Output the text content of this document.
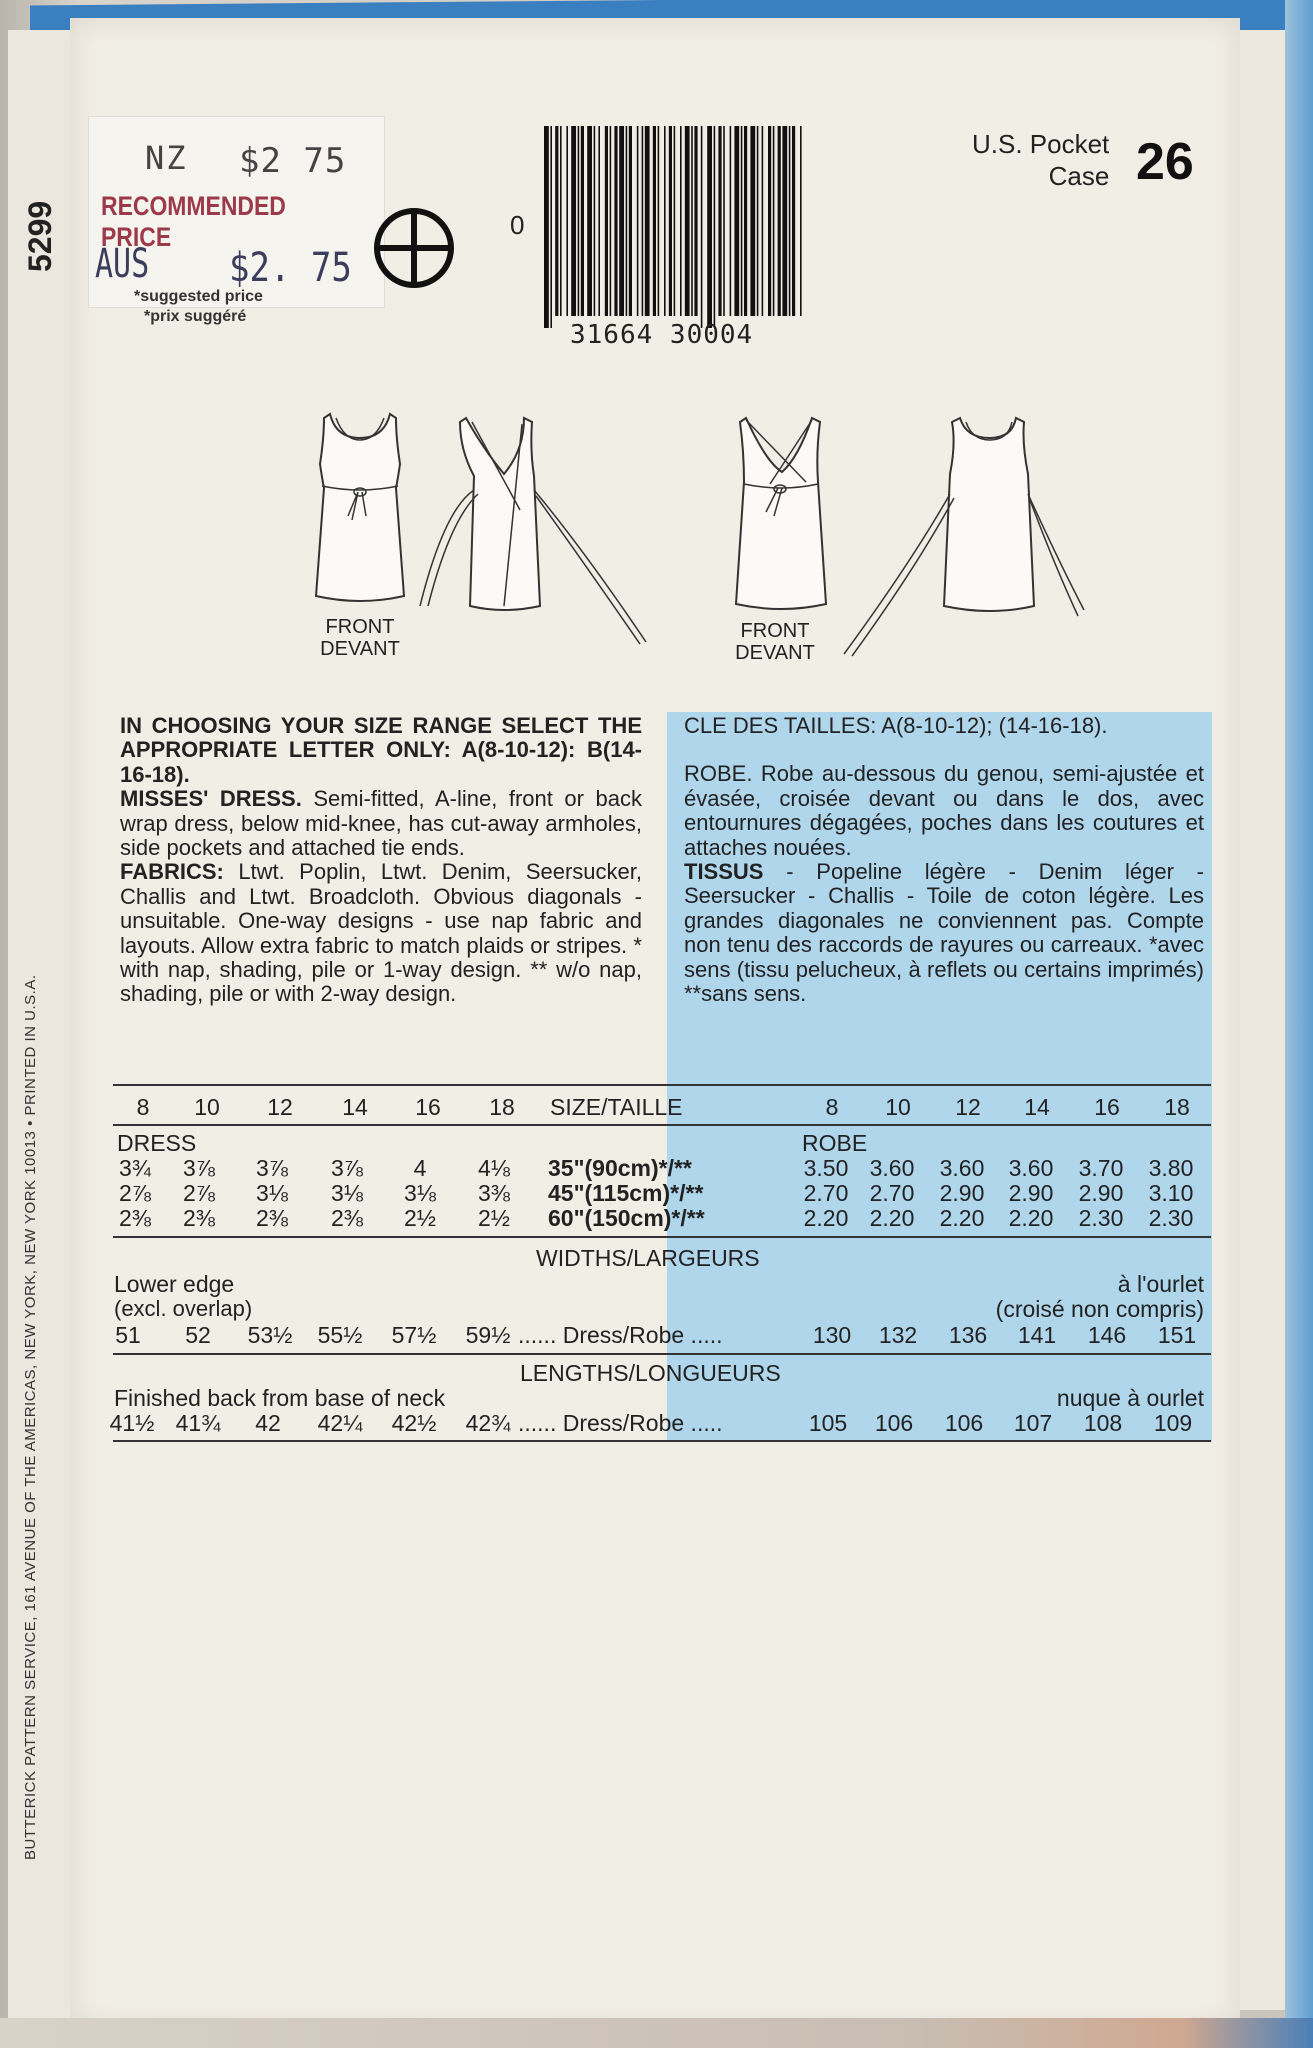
5299
BUTTERICK PATTERN SERVICE, 161 AVENUE OF THE AMERICAS, NEW YORK, NEW YORK 10013 • PRINTED IN U.S.A.
NZ $2 75
RECOMMENDED PRICE
AUS $2. 75
*suggested price
*prix suggéré
0
31664 30004
U.S. Pocket
Case 26
FRONT
DEVANT
FRONT
DEVANT

IN CHOOSING YOUR SIZE RANGE SELECT THE APPROPRIATE LETTER ONLY: A(8-10-12): B(14-16-18).

MISSES' DRESS. Semi-fitted, A-line, front or back wrap dress, below mid-knee, has cut-away armholes, side pockets and attached tie ends.

FABRICS: Ltwt. Poplin, Ltwt. Denim, Seersucker, Challis and Ltwt. Broadcloth. Obvious diagonals - unsuitable. One-way designs - use nap fabric and layouts. Allow extra fabric to match plaids or stripes. * with nap, shading, pile or 1-way design. ** w/o nap, shading, pile or with 2-way design.

CLE DES TAILLES: A(8-10-12); (14-16-18).

ROBE. Robe au-dessous du genou, semi-ajustée et évasée, croisée devant ou dans le dos, avec entournures dégagées, poches dans les coutures et attaches nouées.

TISSUS - Popeline légère - Denim léger - Seersucker - Challis - Toile de coton légère. Les grandes diagonales ne conviennent pas. Compte non tenu des raccords de rayures ou carreaux. *avec sens (tissu pelucheux, à reflets ou certains imprimés) **sans sens.

8 10 12 14 16 18 SIZE/TAILLE	8 10 12 14 16 18
DRESS	ROBE
3¾ 3⅞ 3⅞ 3⅞ 4 4⅛ 35"(90cm)*/**	3.50 3.60 3.60 3.60 3.70 3.80
2⅞ 2⅞ 3⅛ 3⅛ 3⅛ 3⅜ 45"(115cm)*/**	2.70 2.70 2.90 2.90 2.90 3.10
2⅜ 2⅜ 2⅜ 2⅜ 2½ 2½ 60"(150cm)*/**	2.20 2.20 2.20 2.20 2.30 2.30
WIDTHS/LARGEURS
Lower edge
(excl. overlap)
à l'ourlet
(croisé non compris)
51 52 53½ 55½ 57½ 59½ ...... Dress/Robe .....	130 132 136 141 146 151
LENGTHS/LONGUEURS
Finished back from base of neck	nuque à ourlet
41½ 41¾ 42 42¼ 42½ 42¾ ...... Dress/Robe .....	105 106 106 107 108 109
